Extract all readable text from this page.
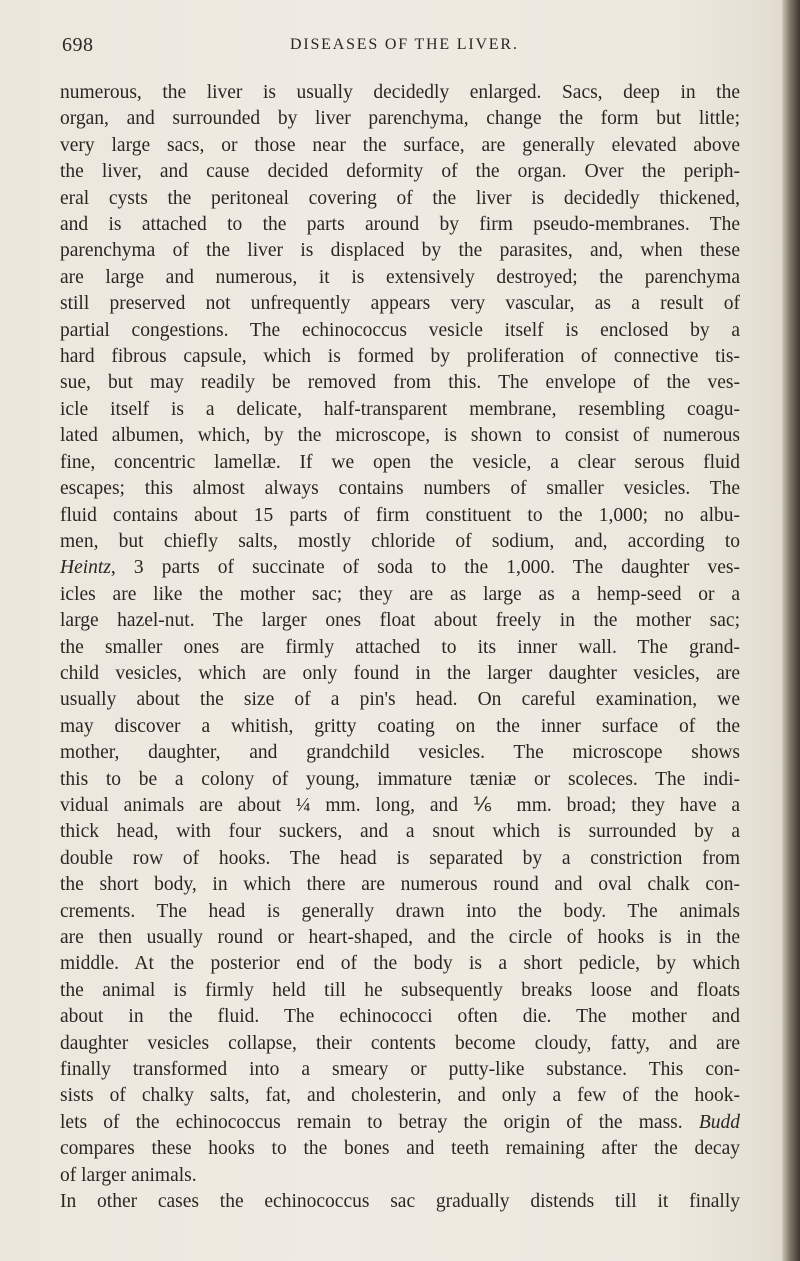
698	DISEASES OF THE LIVER.
numerous, the liver is usually decidedly enlarged. Sacs, deep in the
organ, and surrounded by liver parenchyma, change the form but little;
very large sacs, or those near the surface, are generally elevated above
the liver, and cause decided deformity of the organ. Over the periph-
eral cysts the peritoneal covering of the liver is decidedly thickened,
and is attached to the parts around by firm pseudo-membranes. The
parenchyma of the liver is displaced by the parasites, and, when these
are large and numerous, it is extensively destroyed; the parenchyma
still preserved not unfrequently appears very vascular, as a result of
partial congestions. The echinococcus vesicle itself is enclosed by a
hard fibrous capsule, which is formed by proliferation of connective tis-
sue, but may readily be removed from this. The envelope of the ves-
icle itself is a delicate, half-transparent membrane, resembling coagu-
lated albumen, which, by the microscope, is shown to consist of numerous
fine, concentric lamellæ. If we open the vesicle, a clear serous fluid
escapes; this almost always contains numbers of smaller vesicles. The
fluid contains about 15 parts of firm constituent to the 1,000; no albu-
men, but chiefly salts, mostly chloride of sodium, and, according to
Heintz, 3 parts of succinate of soda to the 1,000. The daughter ves-
icles are like the mother sac; they are as large as a hemp-seed or a
large hazel-nut. The larger ones float about freely in the mother sac;
the smaller ones are firmly attached to its inner wall. The grand-
child vesicles, which are only found in the larger daughter vesicles, are
usually about the size of a pin's head. On careful examination, we
may discover a whitish, gritty coating on the inner surface of the
mother, daughter, and grandchild vesicles. The microscope shows
this to be a colony of young, immature tæniæ or scoleces. The indi-
vidual animals are about ¼ mm. long, and ⅙ mm. broad; they have a
thick head, with four suckers, and a snout which is surrounded by a
double row of hooks. The head is separated by a constriction from
the short body, in which there are numerous round and oval chalk con-
crements. The head is generally drawn into the body. The animals
are then usually round or heart-shaped, and the circle of hooks is in the
middle. At the posterior end of the body is a short pedicle, by which
the animal is firmly held till he subsequently breaks loose and floats
about in the fluid. The echinococci often die. The mother and
daughter vesicles collapse, their contents become cloudy, fatty, and are
finally transformed into a smeary or putty-like substance. This con-
sists of chalky salts, fat, and cholesterin, and only a few of the hook-
lets of the echinococcus remain to betray the origin of the mass. Budd
compares these hooks to the bones and teeth remaining after the decay
of larger animals.
In other cases the echinococcus sac gradually distends till it finally
